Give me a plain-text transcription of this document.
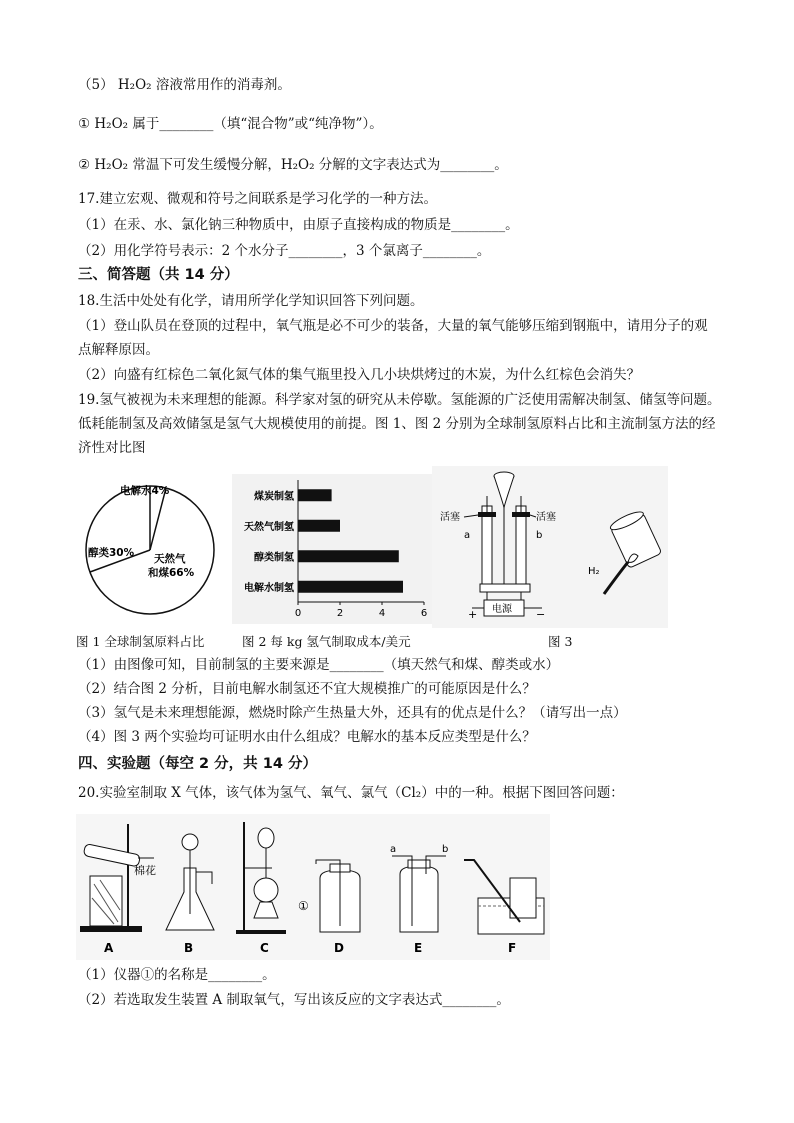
（5） H₂O₂ 溶液常用作的消毒剂。
① H₂O₂ 属于________（填“混合物”或“纯净物”）。
② H₂O₂ 常温下可发生缓慢分解，H₂O₂ 分解的文字表达式为________。
17.建立宏观、微观和符号之间联系是学习化学的一种方法。
（1）在汞、水、氯化钠三种物质中，由原子直接构成的物质是________。
（2）用化学符号表示：2 个水分子________，3 个氯离子________。
三、简答题（共 14 分）
18.生活中处处有化学，请用所学化学知识回答下列问题。
（1）登山队员在登顶的过程中，氧气瓶是必不可少的装备，大量的氧气能够压缩到钢瓶中，请用分子的观
点解释原因。
（2）向盛有红棕色二氧化氮气体的集气瓶里投入几小块烘烤过的木炭，为什么红棕色会消失？
19.氢气被视为未来理想的能源。科学家对氢的研究从未停歇。氢能源的广泛使用需解决制氢、储氢等问题。
低耗能制氢及高效储氢是氢气大规模使用的前提。图 1、图 2 分别为全球制氢原料占比和主流制氢方法的经
济性对比图
电解水4%
醇类30% 天然气
和煤66%
煤炭制氢
天然气制氢
醇类制氢
电解水制氢
0	2	4	6
活塞	活塞
a	b
电源
+	−
H₂
图 1 全球制氢原料占比	图 2 每 kg 氢气制取成本/美元	图 3
（1）由图像可知，目前制氢的主要来源是________（填天然气和煤、醇类或水）
（2）结合图 2 分析，目前电解水制氢还不宜大规模推广的可能原因是什么？
（3）氢气是未来理想能源，燃烧时除产生热量大外，还具有的优点是什么？（请写出一点）
（4）图 3 两个实验均可证明水由什么组成？电解水的基本反应类型是什么？
四、实验题（每空 2 分，共 14 分）
20.实验室制取 X 气体，该气体为氢气、氧气、氯气（Cl₂）中的一种。根据下图回答问题：
棉花
①
a	b
A	B	C	D	E	F
（1）仪器①的名称是________。
（2）若选取发生装置 A 制取氧气，写出该反应的文字表达式________。
